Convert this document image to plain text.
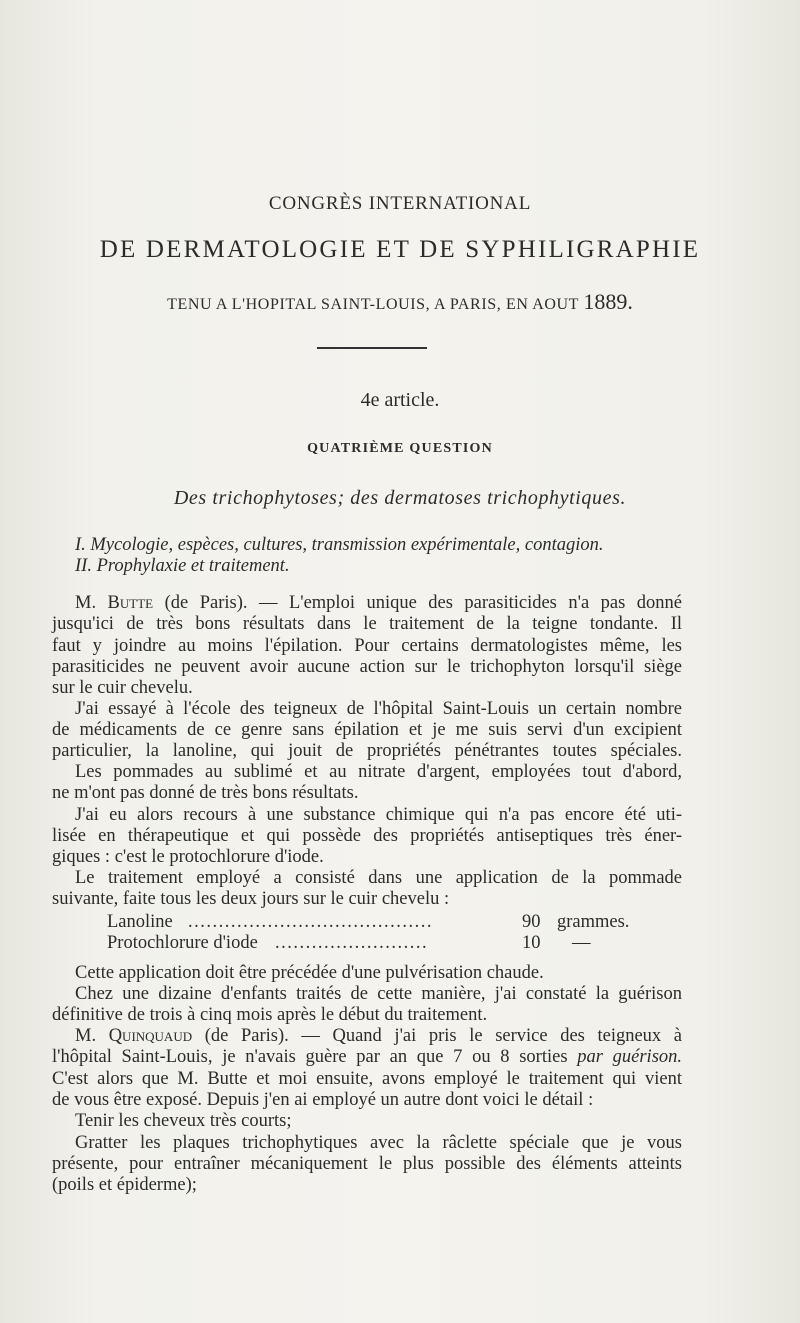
CONGRÈS INTERNATIONAL
DE DERMATOLOGIE ET DE SYPHILIGRAPHIE
TENU A L'HOPITAL SAINT-LOUIS, A PARIS, EN AOUT 1889.
4e article.
QUATRIÈME QUESTION
Des trichophytoses; des dermatoses trichophytiques.
I. Mycologie, espèces, cultures, transmission expérimentale, contagion.
II. Prophylaxie et traitement.
M. Butte (de Paris). — L'emploi unique des parasiticides n'a pas donné
jusqu'ici de très bons résultats dans le traitement de la teigne tondante. Il
faut y joindre au moins l'épilation. Pour certains dermatologistes même, les
parasiticides ne peuvent avoir aucune action sur le trichophyton lorsqu'il siège
sur le cuir chevelu.
J'ai essayé à l'école des teigneux de l'hôpital Saint-Louis un certain nombre
de médicaments de ce genre sans épilation et je me suis servi d'un excipient
particulier, la lanoline, qui jouit de propriétés pénétrantes toutes spéciales.
Les pommades au sublimé et au nitrate d'argent, employées tout d'abord,
ne m'ont pas donné de très bons résultats.
J'ai eu alors recours à une substance chimique qui n'a pas encore été uti-
lisée en thérapeutique et qui possède des propriétés antiseptiques très éner-
giques : c'est le protochlorure d'iode.
Le traitement employé a consisté dans une application de la pommade
suivante, faite tous les deux jours sur le cuir chevelu :
Lanoline ........................................	90 grammes.
Protochlorure d'iode .........................	10 —
Cette application doit être précédée d'une pulvérisation chaude.
Chez une dizaine d'enfants traités de cette manière, j'ai constaté la guérison
définitive de trois à cinq mois après le début du traitement.
M. Quinquaud (de Paris). — Quand j'ai pris le service des teigneux à
l'hôpital Saint-Louis, je n'avais guère par an que 7 ou 8 sorties par guérison.
C'est alors que M. Butte et moi ensuite, avons employé le traitement qui vient
de vous être exposé. Depuis j'en ai employé un autre dont voici le détail :
Tenir les cheveux très courts;
Gratter les plaques trichophytiques avec la râclette spéciale que je vous
présente, pour entraîner mécaniquement le plus possible des éléments atteints
(poils et épiderme);
